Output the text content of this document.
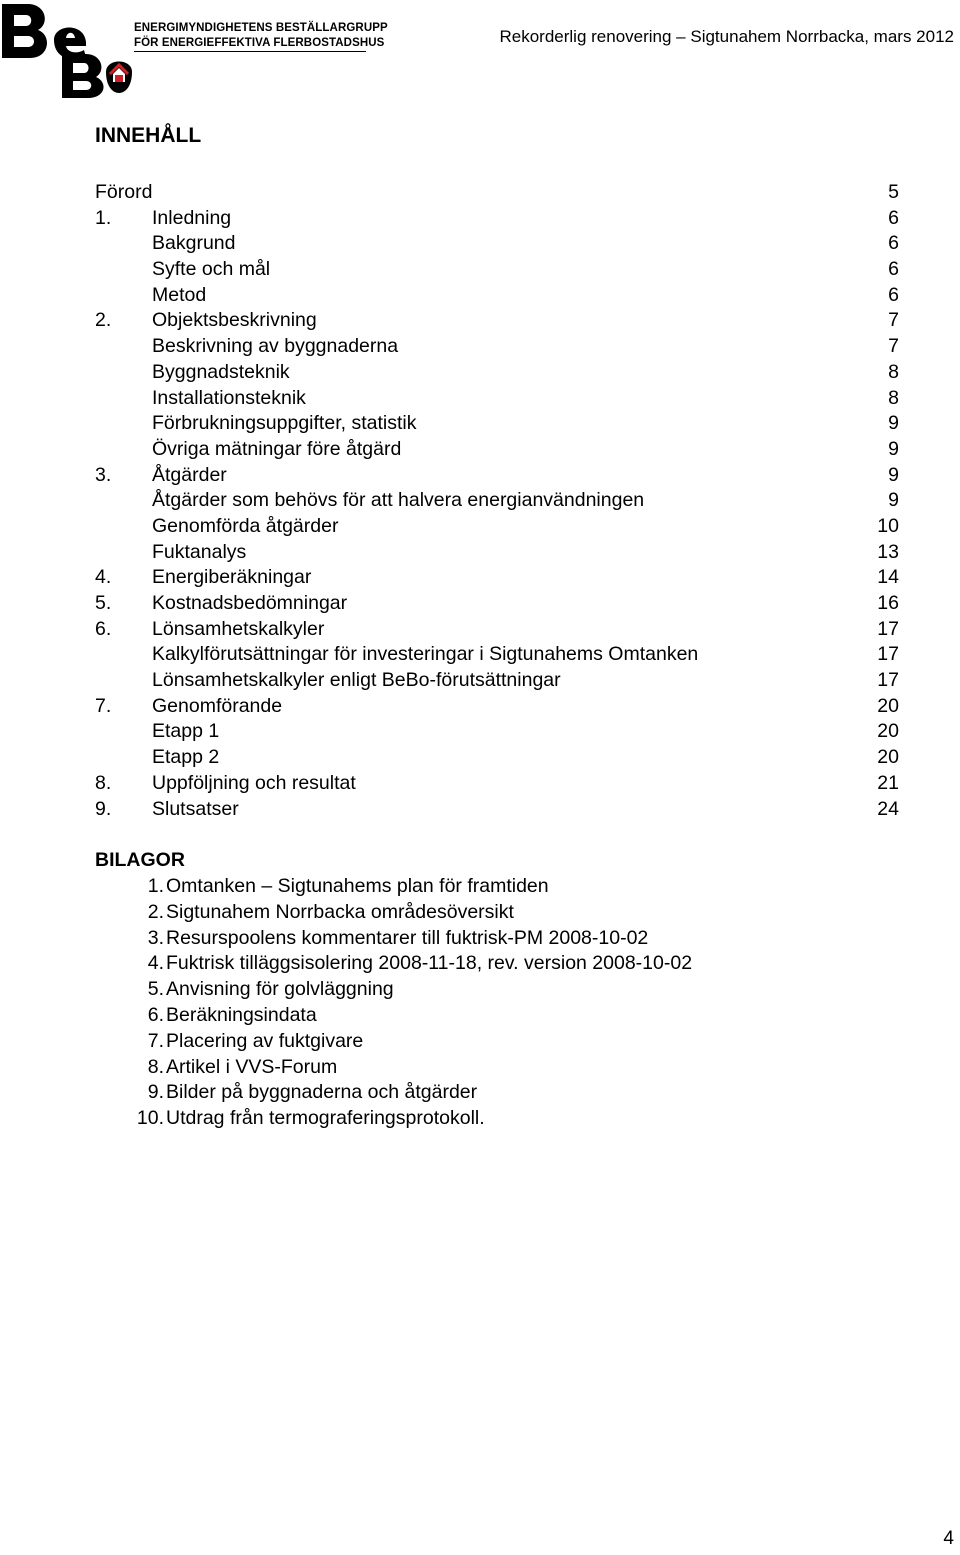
ENERGIMYNDIGHETENS BESTÄLLARGRUPP
FÖR ENERGIEFFEKTIVA FLERBOSTADSHUS	Rekorderlig renovering – Sigtunahem Norrbacka, mars 2012
INNEHÅLL
Förord	5
1. Inledning	6
Bakgrund	6
Syfte och mål	6
Metod	6
2. Objektsbeskrivning	7
Beskrivning av byggnaderna	7
Byggnadsteknik	8
Installationsteknik	8
Förbrukningsuppgifter, statistik	9
Övriga mätningar före åtgärd	9
3. Åtgärder	9
Åtgärder som behövs för att halvera energianvändningen	9
Genomförda åtgärder	10
Fuktanalys	13
4. Energiberäkningar	14
5. Kostnadsbedömningar	16
6. Lönsamhetskalkyler	17
Kalkylförutsättningar för investeringar i Sigtunahems Omtanken	17
Lönsamhetskalkyler enligt BeBo-förutsättningar	17
7. Genomförande	20
Etapp 1	20
Etapp 2	20
8. Uppföljning och resultat	21
9. Slutsatser	24
BILAGOR
1. Omtanken – Sigtunahems plan för framtiden
2. Sigtunahem Norrbacka områdesöversikt
3. Resurspoolens kommentarer till fuktrisk-PM 2008-10-02
4. Fuktrisk tilläggsisolering 2008-11-18, rev. version 2008-10-02
5. Anvisning för golvläggning
6. Beräkningsindata
7. Placering av fuktgivare
8. Artikel i VVS-Forum
9. Bilder på byggnaderna och åtgärder
10. Utdrag från termograferingsprotokoll.
4
